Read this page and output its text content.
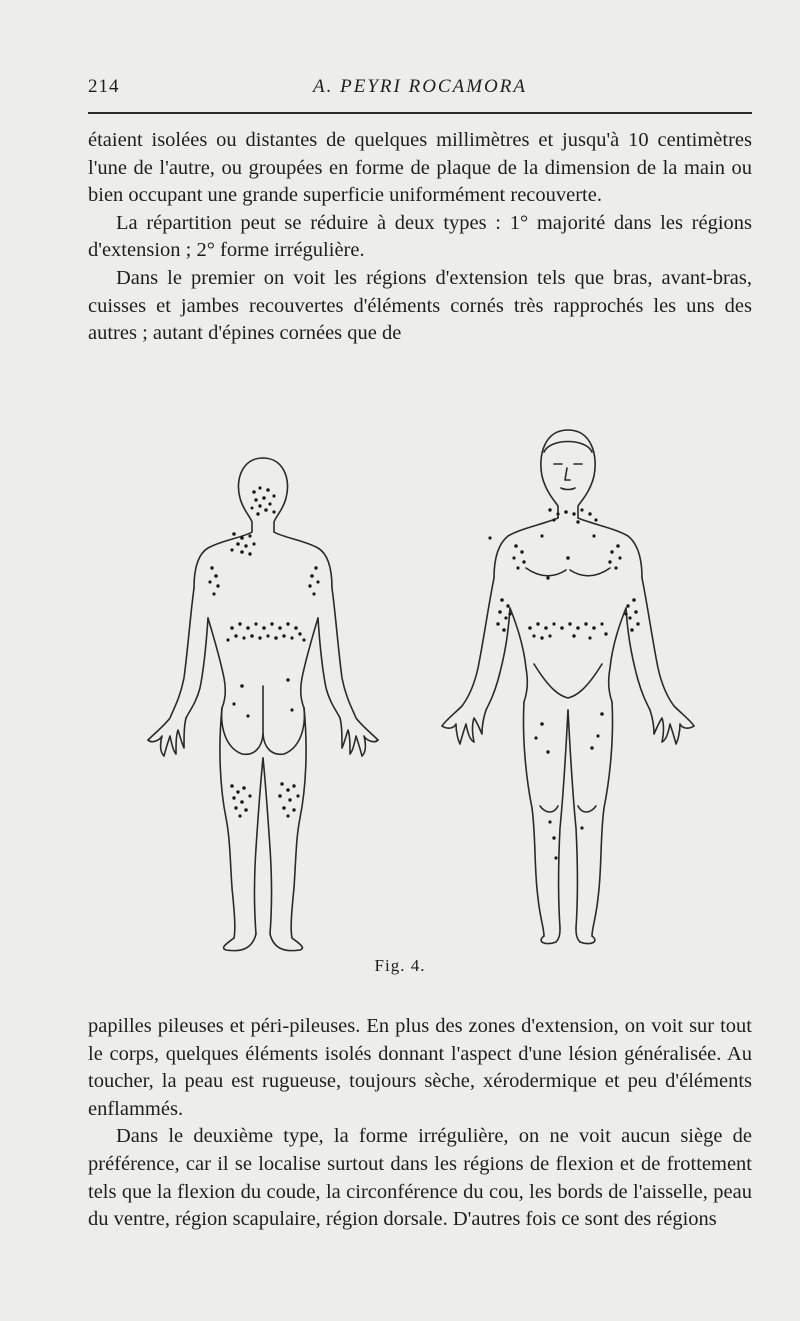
214	A. PEYRI ROCAMORA

étaient isolées ou distantes de quelques millimètres et jusqu'à 10 centimètres l'une de l'autre, ou groupées en forme de plaque de la dimension de la main ou bien occupant une grande superficie uniformément recouverte.

La répartition peut se réduire à deux types : 1° majorité dans les régions d'extension ; 2° forme irrégulière.

Dans le premier on voit les régions d'extension tels que bras, avant-bras, cuisses et jambes recouvertes d'éléments cornés très rapprochés les uns des autres ; autant d'épines cornées que de

Fig. 4.

papilles pileuses et péri-pileuses. En plus des zones d'extension, on voit sur tout le corps, quelques éléments isolés donnant l'aspect d'une lésion généralisée. Au toucher, la peau est rugueuse, toujours sèche, xérodermique et peu d'éléments enflammés.

Dans le deuxième type, la forme irrégulière, on ne voit aucun siège de préférence, car il se localise surtout dans les régions de flexion et de frottement tels que la flexion du coude, la circonférence du cou, les bords de l'aisselle, peau du ventre, région scapulaire, région dorsale. D'autres fois ce sont des régions
